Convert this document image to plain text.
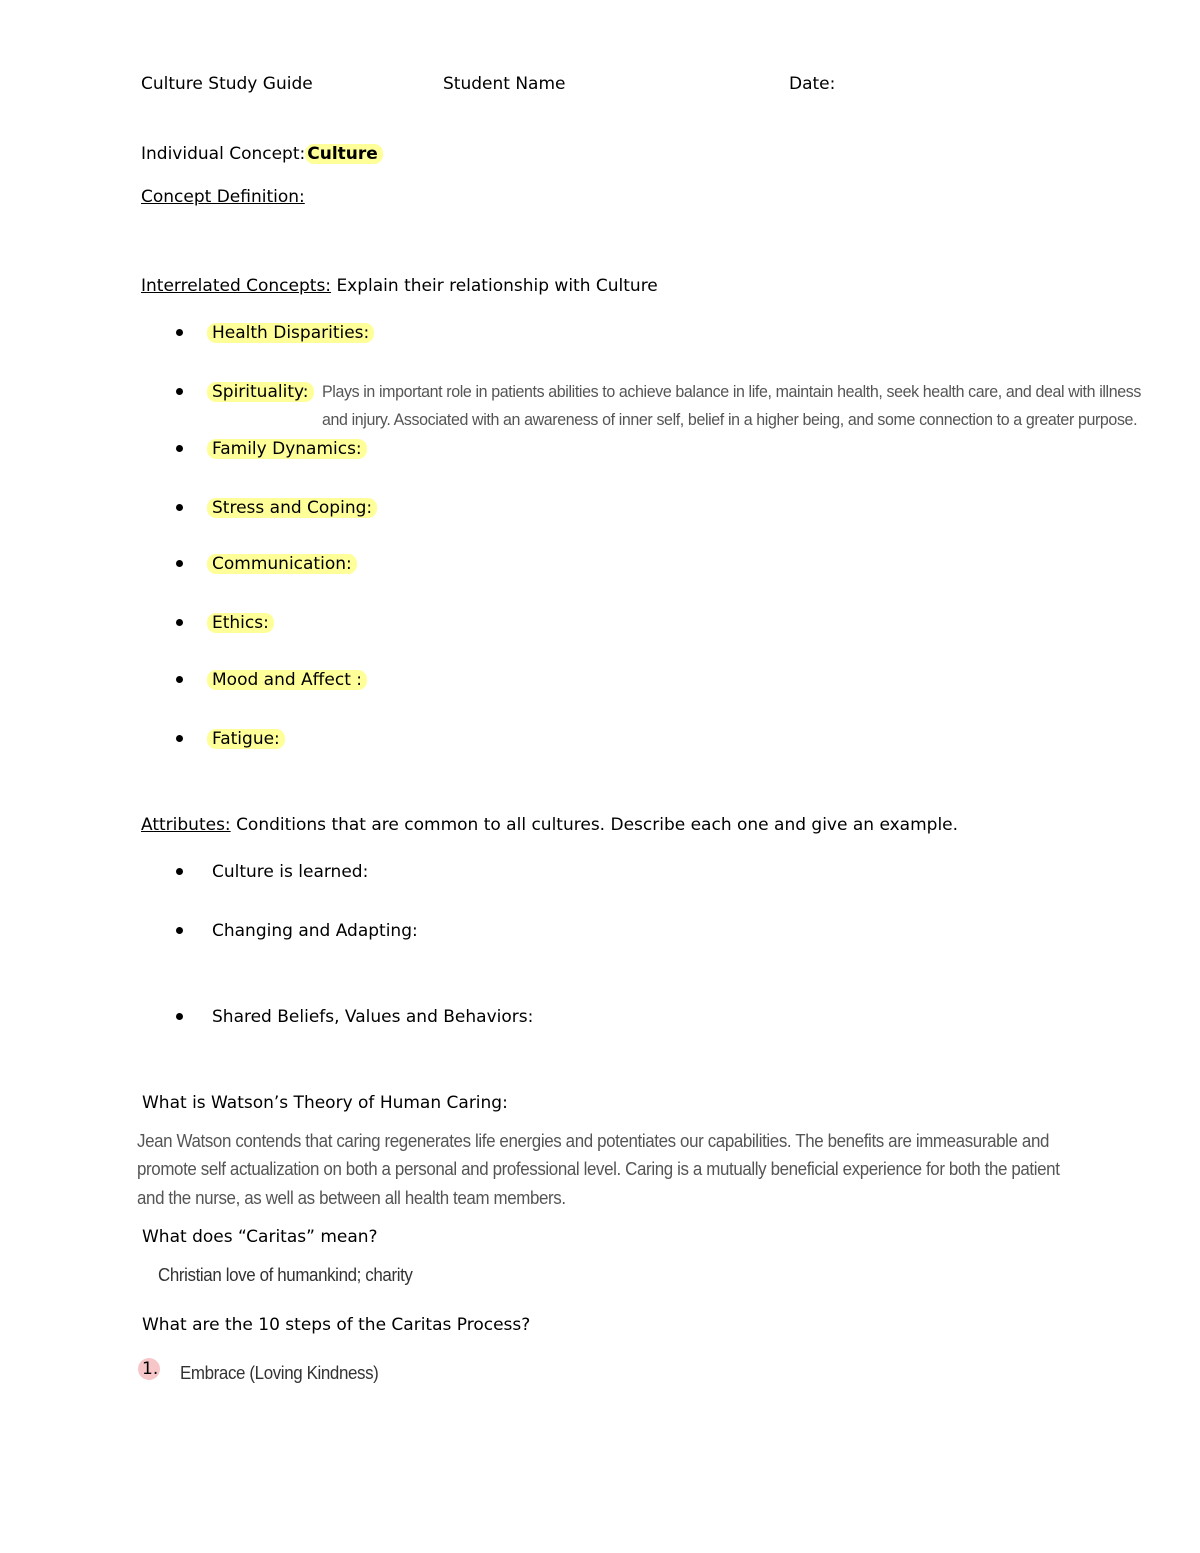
Culture Study Guide	Student Name	Date:
Individual Concept: Culture
Concept Definition:
Interrelated Concepts: Explain their relationship with Culture
Health Disparities:
Spirituality: Plays in important role in patients abilities to achieve balance in life, maintain health, seek health care, and deal with illness
and injury. Associated with an awareness of inner self, belief in a higher being, and some connection to a greater purpose.
Family Dynamics:
Stress and Coping:
Communication:
Ethics:
Mood and Affect :
Fatigue:
Attributes: Conditions that are common to all cultures. Describe each one and give an example.
Culture is learned:
Changing and Adapting:
Shared Beliefs, Values and Behaviors:
What is Watson’s Theory of Human Caring:
Jean Watson contends that caring regenerates life energies and potentiates our capabilities. The benefits are immeasurable and
promote self actualization on both a personal and professional level. Caring is a mutually beneficial experience for both the patient
and the nurse, as well as between all health team members.
What does “Caritas” mean?
Christian love of humankind; charity
What are the 10 steps of the Caritas Process?
1. Embrace (Loving Kindness)
